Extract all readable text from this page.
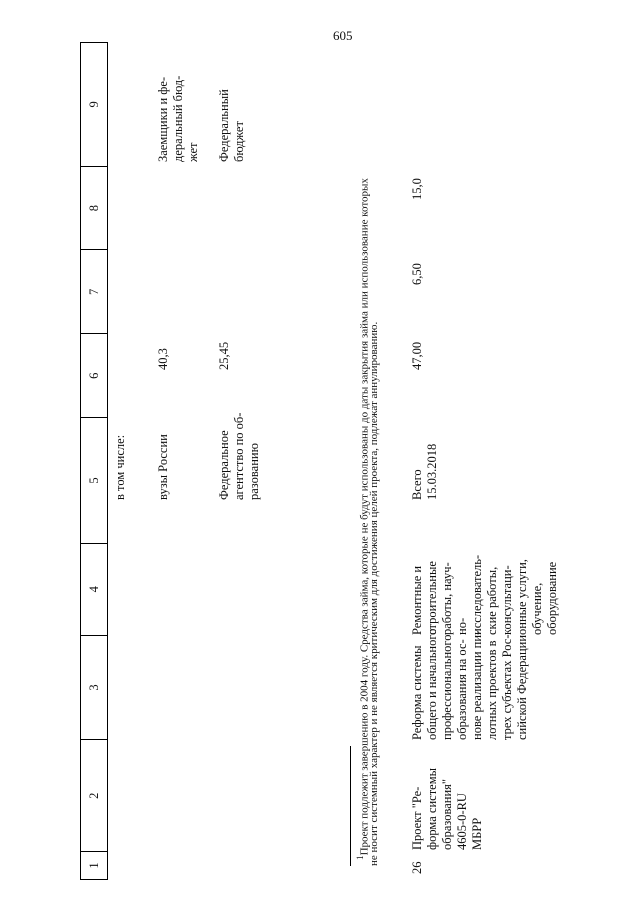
605
1
2
3
4
5
6
7
8
9
в том числе: вузы России
40,3
Заемщики и фе-
деральный бюд-
жет
Федеральное
агентство по об-
разованию
25,45
Федеральный
бюджет
$^1$Проект подлежит завершению в 2004 году. Средства займа, которые не будут использованы до даты закрытия займа или использование которых
не носит системный характер и не является критическим для достижения целей проекта, подлежат аннулированию.
26
Проект "Ре-
форма системы
образования"
4605-0-RU
МБРР
Реформа системы
общего и начального
профессионального
образования на ос-
нове реализации пи-
лотных проектов в
трех субъектах Рос-
сийской Федерации
Ремонтные и
строительные
работы, науч-
но-
исследователь-
ские работы,
консультаци-
онные услуги,
обучение,
оборудование
Всего
15.03.2018
47,00
6,50
15,0
